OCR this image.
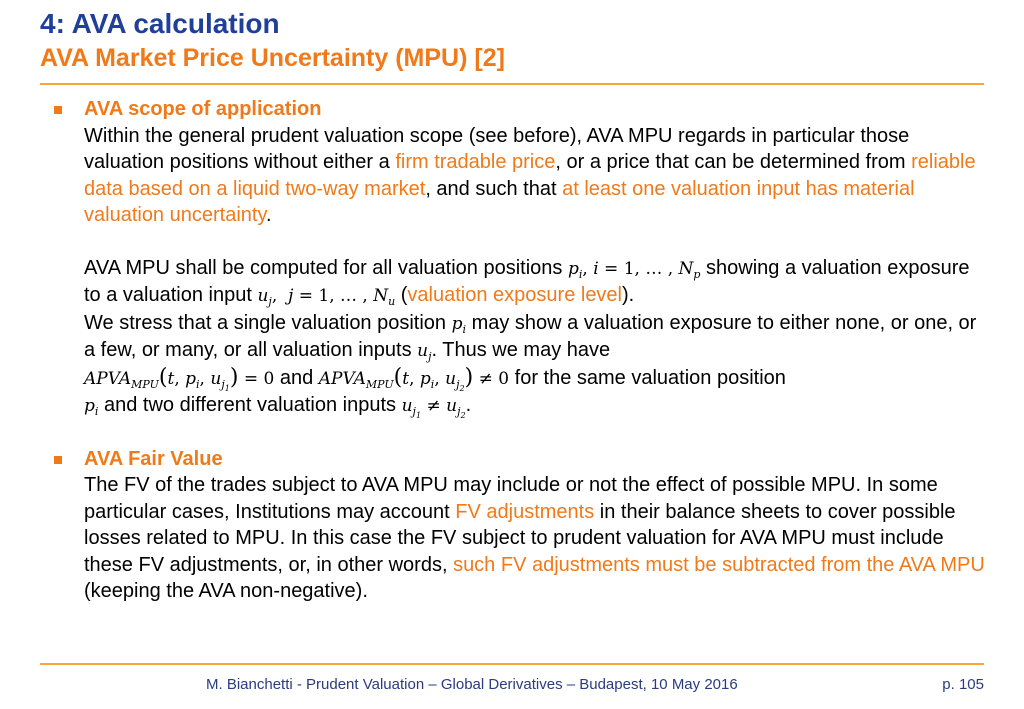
4: AVA calculation
AVA Market Price Uncertainty (MPU) [2]
AVA scope of application
Within the general prudent valuation scope (see before), AVA MPU regards in particular those valuation positions without either a firm tradable price, or a price that can be determined from reliable data based on a liquid two-way market, and such that at least one valuation input has material valuation uncertainty.
AVA MPU shall be computed for all valuation positions $p_i$, i = 1, … , $N_p$ showing a valuation exposure to a valuation input $u_j$,  j = 1, … , $N_u$ (valuation exposure level).
We stress that a single valuation position $p_i$ may show a valuation exposure to either none, or one, or a few, or many, or all valuation inputs $u_j$. Thus we may have
$APVA_{MPU}(t$, $p_i$, $u_{j_1}) = 0$ and $APVA_{MPU}(t$, $p_i$, $u_{j_2}) \ne 0$ for the same valuation position
$p_i$ and two different valuation inputs $u_{j_1} \ne u_{j_2}$.
AVA Fair Value
The FV of the trades subject to AVA MPU may include or not the effect of possible MPU. In some particular cases, Institutions may account FV adjustments in their balance sheets to cover possible losses related to MPU. In this case the FV subject to prudent valuation for AVA MPU must include these FV adjustments, or, in other words, such FV adjustments must be subtracted from the AVA MPU (keeping the AVA non-negative).
M. Bianchetti - Prudent Valuation – Global Derivatives – Budapest, 10 May 2016	p. 105
